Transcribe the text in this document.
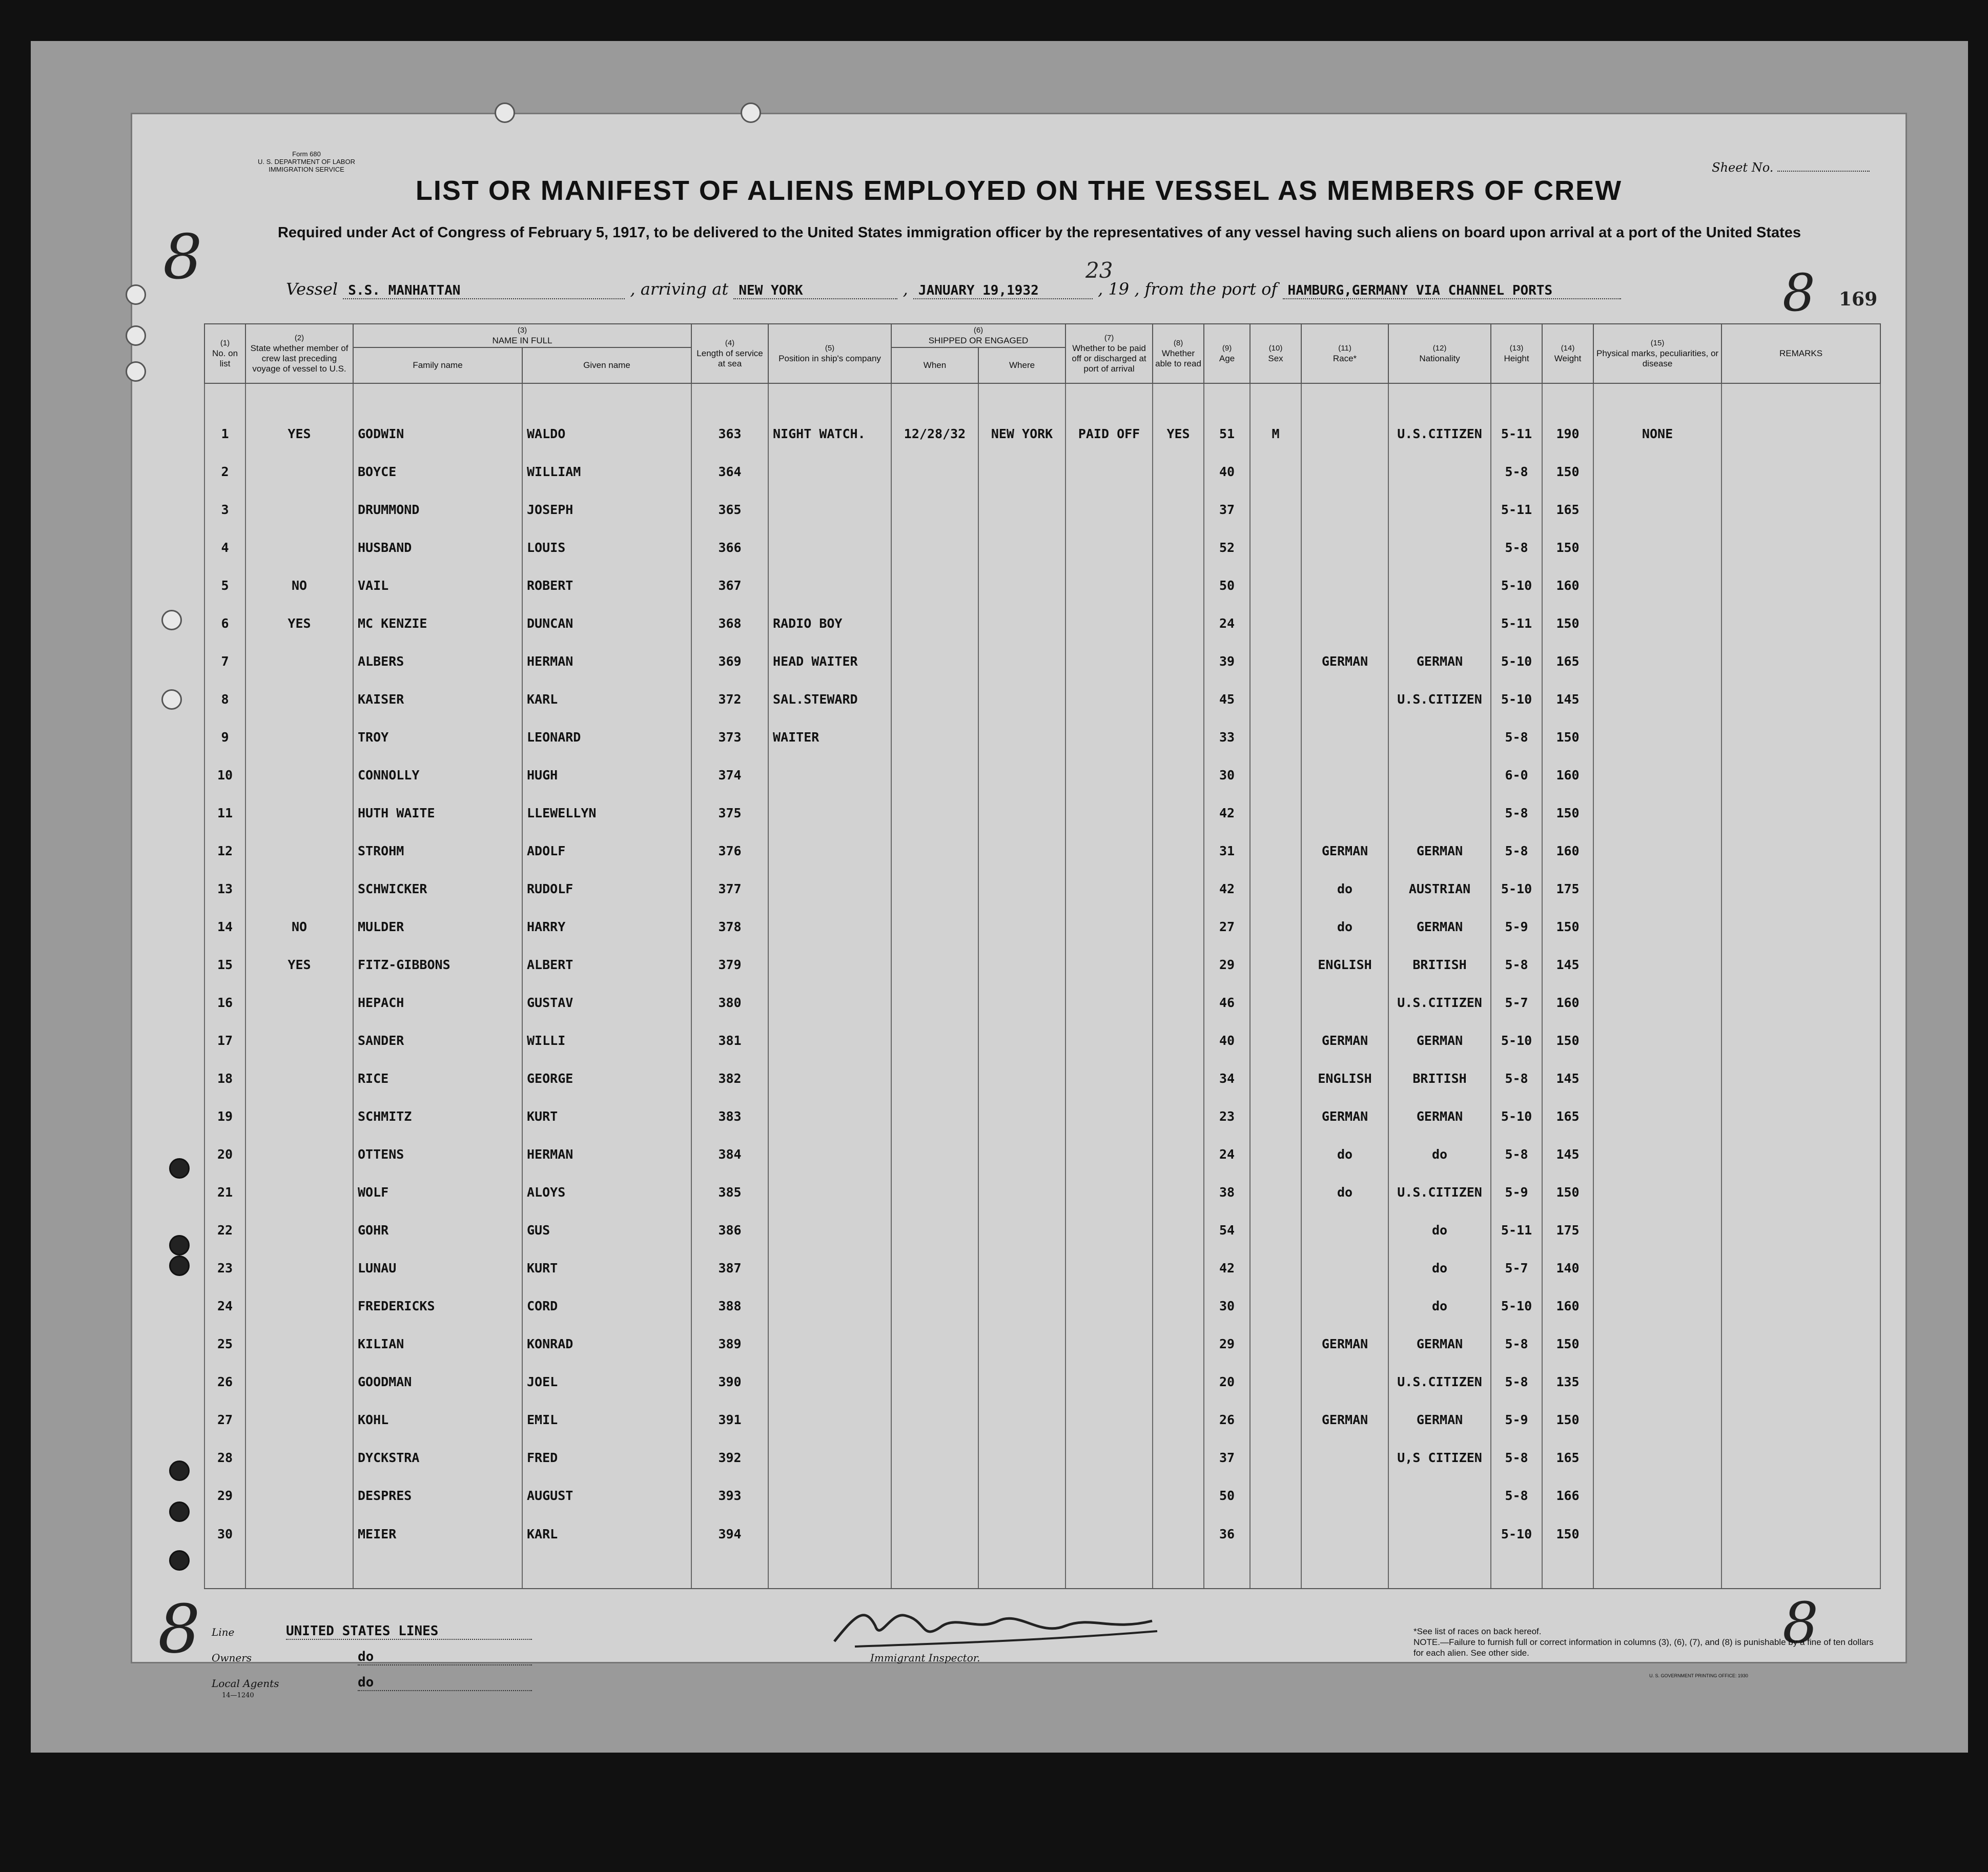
Form 680
U. S. DEPARTMENT OF LABOR
IMMIGRATION SERVICE	Sheet No.
LIST OR MANIFEST OF ALIENS EMPLOYED ON THE VESSEL AS MEMBERS OF CREW
Required under Act of Congress of February 5, 1917, to be delivered to the United States immigration officer by the representatives of any vessel having such aliens on board upon arrival at a port of the United States
8	23	8 169
Vessel S.S. MANHATTAN	, arriving at NEW YORK	, JANUARY 19,1932	, 19 , from the port of HAMBURG,GERMANY VIA CHANNEL PORTS
(1)
No. on list	(2)
State whether member of crew last preceding voyage of vessel to U.S.	(3)
NAME IN FULL		(4)
Length of service at sea	(5)
Position in ship's company	(6)
SHIPPED OR ENGAGED		(7)
Whether to be paid off or discharged at port of arrival	(8)
Whether able to read	(9)
Age	(10)
Sex	(11)
Race*	(12)
Nationality	(13)
Height	(14)
Weight	(15)
Physical marks, peculiarities, or disease	REMARKS
		Family name	Given name			When	Where										
1	YES	GODWIN	WALDO	363	NIGHT WATCH.	12/28/32	NEW YORK	PAID OFF	YES	51	M		U.S.CITIZEN	5-11	190	NONE	
2		BOYCE	WILLIAM	364						40				5-8	150		
3		DRUMMOND	JOSEPH	365						37				5-11	165		
4		HUSBAND	LOUIS	366						52				5-8	150		
5	NO	VAIL	ROBERT	367						50				5-10	160		
6	YES	MC KENZIE	DUNCAN	368	RADIO BOY					24				5-11	150		
7		ALBERS	HERMAN	369	HEAD WAITER					39		GERMAN	GERMAN	5-10	165		
8		KAISER	KARL	372	SAL.STEWARD					45			U.S.CITIZEN	5-10	145		
9		TROY	LEONARD	373	WAITER					33				5-8	150		
10		CONNOLLY	HUGH	374						30				6-0	160		
11		HUTH WAITE	LLEWELLYN	375						42				5-8	150		
12		STROHM	ADOLF	376						31		GERMAN	GERMAN	5-8	160		
13		SCHWICKER	RUDOLF	377						42		do	AUSTRIAN	5-10	175		
14	NO	MULDER	HARRY	378						27		do	GERMAN	5-9	150		
15	YES	FITZ-GIBBONS	ALBERT	379						29		ENGLISH	BRITISH	5-8	145		
16		HEPACH	GUSTAV	380						46			U.S.CITIZEN	5-7	160		
17		SANDER	WILLI	381						40		GERMAN	GERMAN	5-10	150		
18		RICE	GEORGE	382						34		ENGLISH	BRITISH	5-8	145		
19		SCHMITZ	KURT	383						23		GERMAN	GERMAN	5-10	165		
20		OTTENS	HERMAN	384						24		do	do	5-8	145		
21		WOLF	ALOYS	385						38		do	U.S.CITIZEN	5-9	150		
22		GOHR	GUS	386						54			do	5-11	175		
23		LUNAU	KURT	387						42			do	5-7	140		
24		FREDERICKS	CORD	388						30			do	5-10	160		
25		KILIAN	KONRAD	389						29		GERMAN	GERMAN	5-8	150		
26		GOODMAN	JOEL	390						20			U.S.CITIZEN	5-8	135		
27		KOHL	EMIL	391						26		GERMAN	GERMAN	5-9	150		
28		DYCKSTRA	FRED	392						37			U,S CITIZEN	5-8	165		
29		DESPRES	AUGUST	393						50				5-8	166		
30		MEIER	KARL	394						36				5-10	150		
8	8
Line	UNITED STATES LINES
Owners	do
Local Agents	do
14—1240
Immigrant Inspector.
*See list of races on back hereof.
NOTE.—Failure to furnish full or correct information in columns (3), (6), (7), and (8) is punishable by a fine of ten dollars for each alien. See other side.
U. S. GOVERNMENT PRINTING OFFICE: 1930
